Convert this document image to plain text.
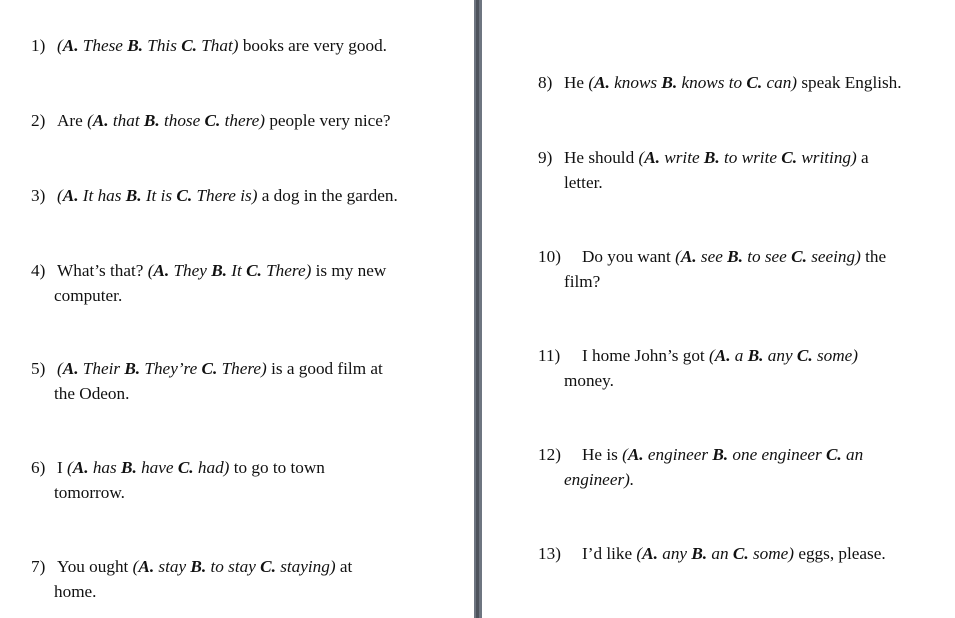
1) (A. These B. This C. That) books are very good.
2) Are (A. that B. those C. there) people very nice?
3) (A. It has B. It is C. There is) a dog in the garden.
4) What’s that? (A. They B. It C. There) is my new
computer.
5) (A. Their B. They’re C. There) is a good film at
the Odeon.
6) I (A. has B. have C. had) to go to town
tomorrow.
7) You ought (A. stay B. to stay C. staying) at
home.
8) He (A. knows B. knows to C. can) speak English.
9) He should (A. write B. to write C. writing) a
letter.
10) Do you want (A. see B. to see C. seeing) the
film?
11) I home John’s got (A. a B. any C. some)
money.
12) He is (A. engineer B. one engineer C. an
engineer).
13) I’d like (A. any B. an C. some) eggs, please.
